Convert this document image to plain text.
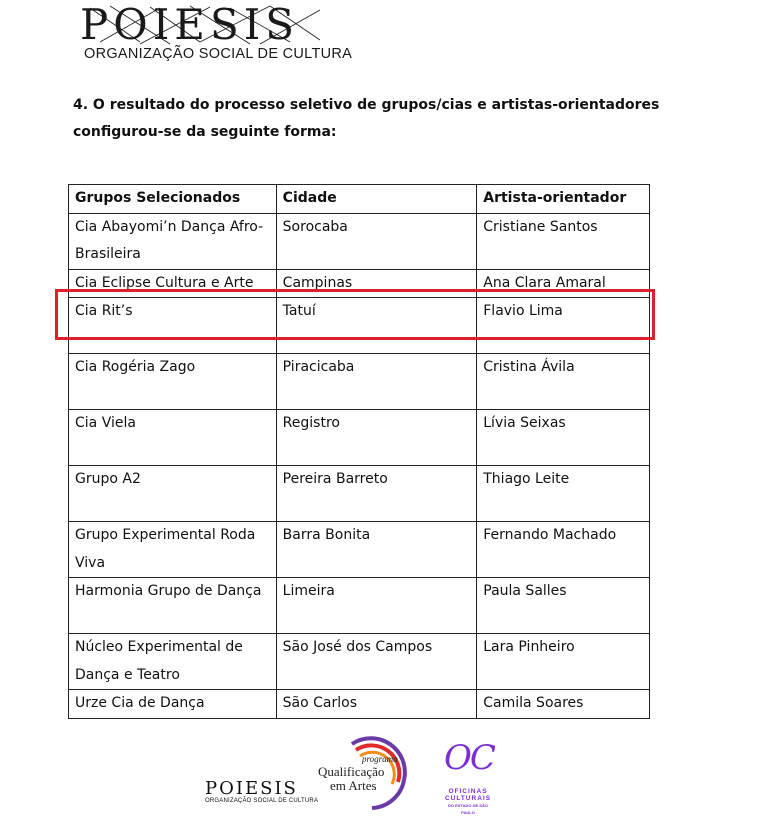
POIESIS
ORGANIZAÇÃO SOCIAL DE CULTURA
4. O resultado do processo seletivo de grupos/cias e artistas-orientadores configurou-se da seguinte forma:
Grupos Selecionados	Cidade	Artista-orientador
Cia Abayomi’n Dança Afro-Brasileira	Sorocaba	Cristiane Santos
Cia Eclipse Cultura e Arte	Campinas	Ana Clara Amaral
Cia Rit’s	Tatuí	Flavio Lima
Cia Rogéria Zago	Piracicaba	Cristina Ávila
Cia Viela	Registro	Lívia Seixas
Grupo A2	Pereira Barreto	Thiago Leite
Grupo Experimental Roda Viva	Barra Bonita	Fernando Machado
Harmonia Grupo de Dança	Limeira	Paula Salles
Núcleo Experimental de Dança e Teatro	São José dos Campos	Lara Pinheiro
Urze Cia de Dança	São Carlos	Camila Soares
POIESIS
ORGANIZAÇÃO SOCIAL DE CULTURA
programa
Qualificação
em Artes
OC
OFICINAS
CULTURAIS
DO ESTADO DE SÃO PAULO
